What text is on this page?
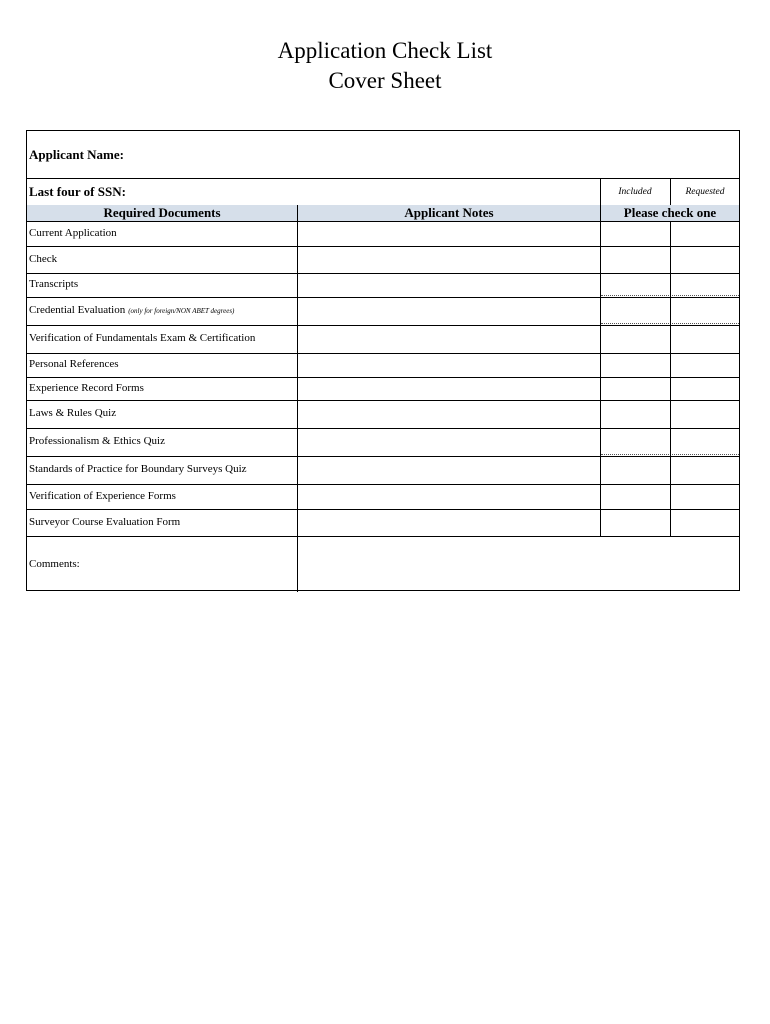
Application Check List
Cover Sheet
Applicant Name:
Last four of SSN:	Included	Requested
Required Documents	Applicant Notes	Please check one
Current Application
Check
Transcripts
Credential Evaluation (only for foreign/NON ABET degrees)
Verification of Fundamentals Exam & Certification
Personal References
Experience Record Forms
Laws & Rules Quiz
Professionalism & Ethics Quiz
Standards of Practice for Boundary Surveys Quiz
Verification of Experience Forms
Surveyor Course Evaluation Form
Comments:
